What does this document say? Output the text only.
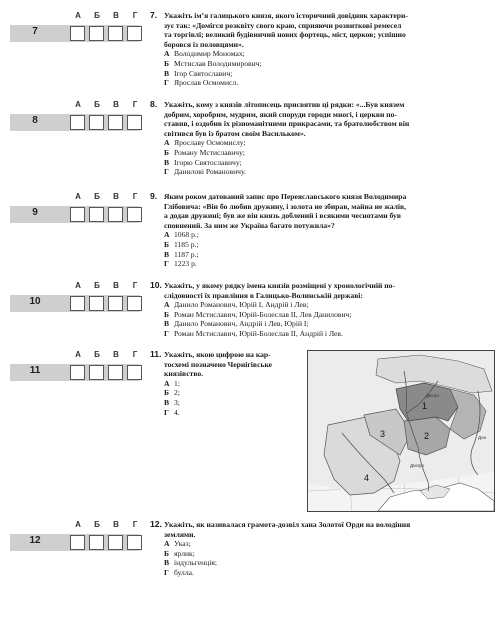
А	Б	В	Г
7
7. Укажіть ім’я галицького князя, якого історичний довідник характери-
зує так: «Домігся розквіту свого краю, сприяючи розвиткові ремесел
та торгівлі; великий будівничий нових фортець, міст, церков; успішно
боровся із половцями».
А Володимир Мономах;
Б Мстислав Володимирович;
В Ігор Святославич;
Г Ярослав Осмомисл.
А	Б	В	Г
8
8. Укажіть, кому з князів літописець присвятив ці рядки: «...Був князем
добрим, хоробрим, мудрим, який споруди городи многі, і церкви по-
ставив, і оздобив їх різноманітними прикрасами, та братолюбством він
світився був із братом своїм Васильком».
А Ярославу Осмомислу;
Б Роману Мстиславичу;
В Ігорю Святославичу;
Г Данилові Романовичу.
А	Б	В	Г
9
9. Яким роком датований запис про Переяславського князя Володимира
Глібовича: «Він бо любив дружину, і золота не збирав, майна не жалів,
а додав дружині; був же він князь доблений і всякими чеснотами був
сповнений. За ним же Україна багато потужила»?
А 1068 р.;
Б 1185 р.;
В 1187 р.;
Г 1223 р.
А	Б	В	Г
10
10. Укажіть, у якому рядку імена князів розміщені у хронологічній по-
слідовності їх правління в Галицько-Волинській державі:
А Данило Романович, Юрій І, Андрій і Лев;
Б Роман Мстиславич, Юрій-Болеслав ІІ, Лев Данилович;
В Данило Романович, Андрій і Лев, Юрій І;
Г Роман Мстиславич, Юрій-Болеслав ІІ, Андрій і Лев.
А	Б	В	Г
11
11. Укажіть, якою цифрою на кар-
тосхемі позначено Чернігівське
князівство.
А 1;
Б 2;
В 3;
Г 4.
1
2
3
4
Десна
Дон
Дніпро
А	Б	В	Г
12
12. Укажіть, як називалася грамота-дозвіл хана Золотої Орди на володіння
землями.
А Указ;
Б ярлик;
В індульгенція;
Г булла.
